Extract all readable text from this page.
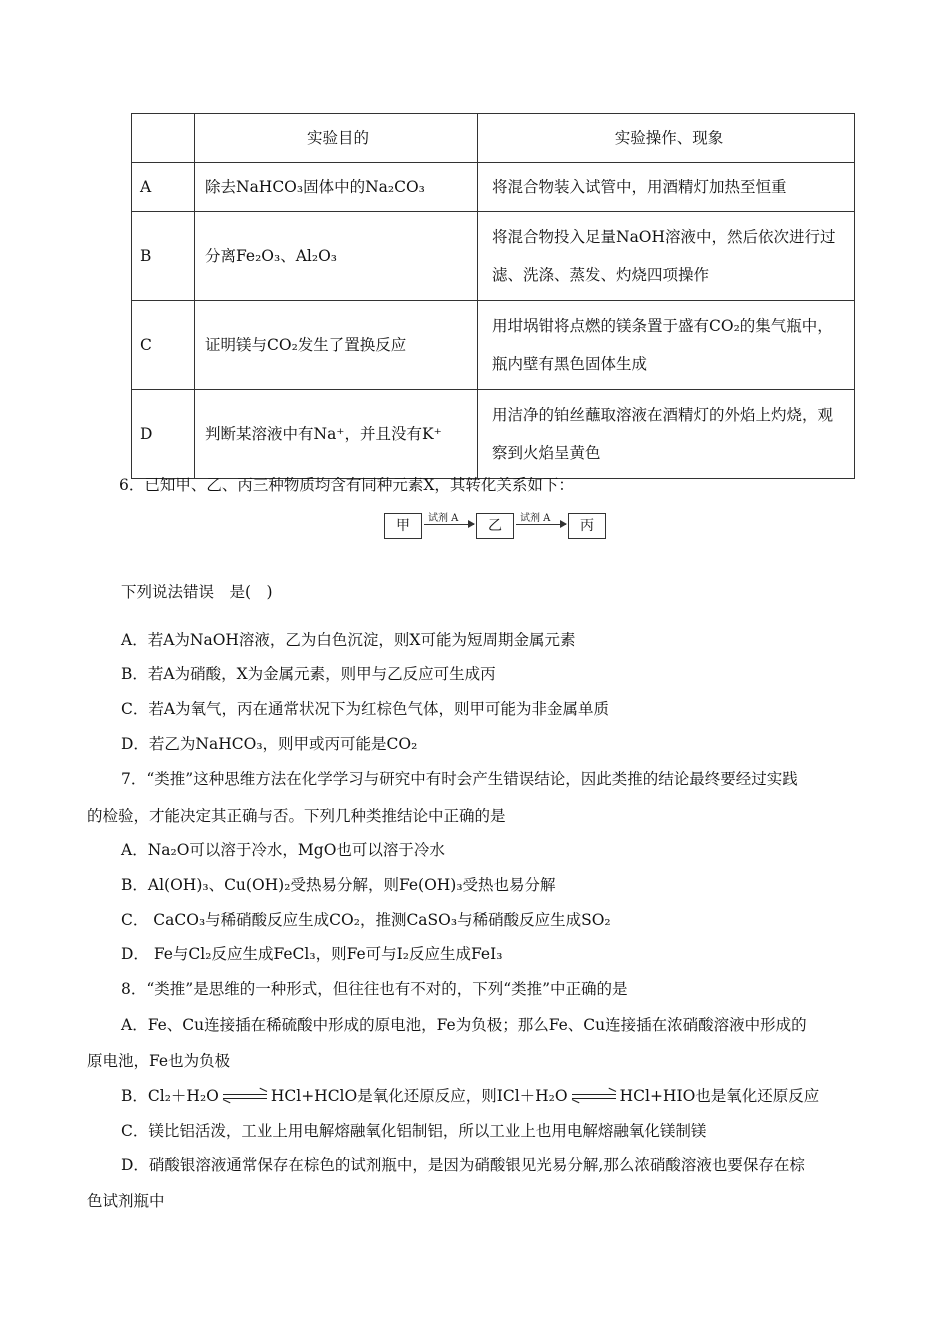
	实验目的	实验操作、现象
A	除去NaHCO₃固体中的Na₂CO₃	将混合物装入试管中，用酒精灯加热至恒重
B	分离Fe₂O₃、Al₂O₃	将混合物投入足量NaOH溶液中，然后依次进行过滤、洗涤、蒸发、灼烧四项操作
C	证明镁与CO₂发生了置换反应	用坩埚钳将点燃的镁条置于盛有CO₂的集气瓶中，瓶内壁有黑色固体生成
D	判断某溶液中有Na⁺，并且没有K⁺	用洁净的铂丝蘸取溶液在酒精灯的外焰上灼烧，观察到火焰呈黄色
6．已知甲、乙、丙三种物质均含有同种元素X，其转化关系如下：
甲	试剂 A	乙	试剂 A	丙
下列说法错误　是(　)
A．若A为NaOH溶液，乙为白色沉淀，则X可能为短周期金属元素
B．若A为硝酸，X为金属元素，则甲与乙反应可生成丙
C．若A为氧气，丙在通常状况下为红棕色气体，则甲可能为非金属单质
D．若乙为NaHCO₃，则甲或丙可能是CO₂
7．“类推”这种思维方法在化学学习与研究中有时会产生错误结论，因此类推的结论最终要经过实践
的检验，才能决定其正确与否。下列几种类推结论中正确的是
A．Na₂O可以溶于冷水，MgO也可以溶于冷水
B．Al(OH)₃、Cu(OH)₂受热易分解，则Fe(OH)₃受热也易分解
C． CaCO₃与稀硝酸反应生成CO₂，推测CaSO₃与稀硝酸反应生成SO₂
D． Fe与Cl₂反应生成FeCl₃，则Fe可与I₂反应生成FeI₃
8．“类推”是思维的一种形式，但往往也有不对的，下列“类推”中正确的是
A．Fe、Cu连接插在稀硫酸中形成的原电池，Fe为负极；那么Fe、Cu连接插在浓硝酸溶液中形成的
原电池，Fe也为负极
B．Cl₂＋H₂O	HCl+HClO是氧化还原反应，则ICl＋H₂O	HCl+HIO也是氧化还原反应
C．镁比铝活泼，工业上用电解熔融氧化铝制铝，所以工业上也用电解熔融氧化镁制镁
D．硝酸银溶液通常保存在棕色的试剂瓶中，是因为硝酸银见光易分解,那么浓硝酸溶液也要保存在棕
色试剂瓶中
